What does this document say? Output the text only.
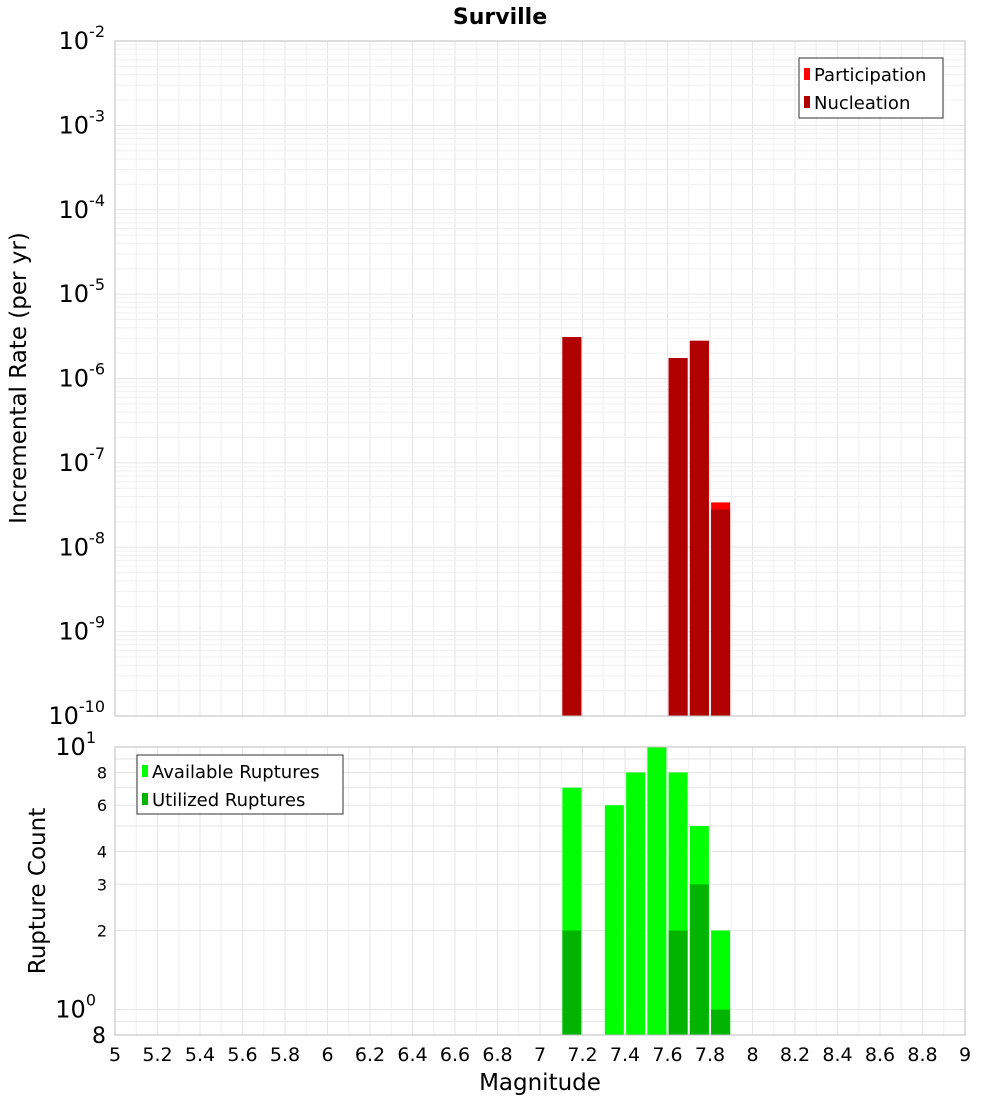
Surville
$10^{-10}$
$10^{-9}$
$10^{-8}$
$10^{-7}$
$10^{-6}$
$10^{-5}$
$10^{-4}$
$10^{-3}$
$10^{-2}$
Incremental Rate (per yr)
Participation
Nucleation
8
2
3
4
6
8
$10^0$
$10^1$
5 5.2 5.4 5.6 5.8 6 6.2 6.4 6.6 6.8 7 7.2 7.4 7.6 7.8 8 8.2 8.4 8.6 8.8 9
Rupture Count
Magnitude
Available Ruptures
Utilized Ruptures
